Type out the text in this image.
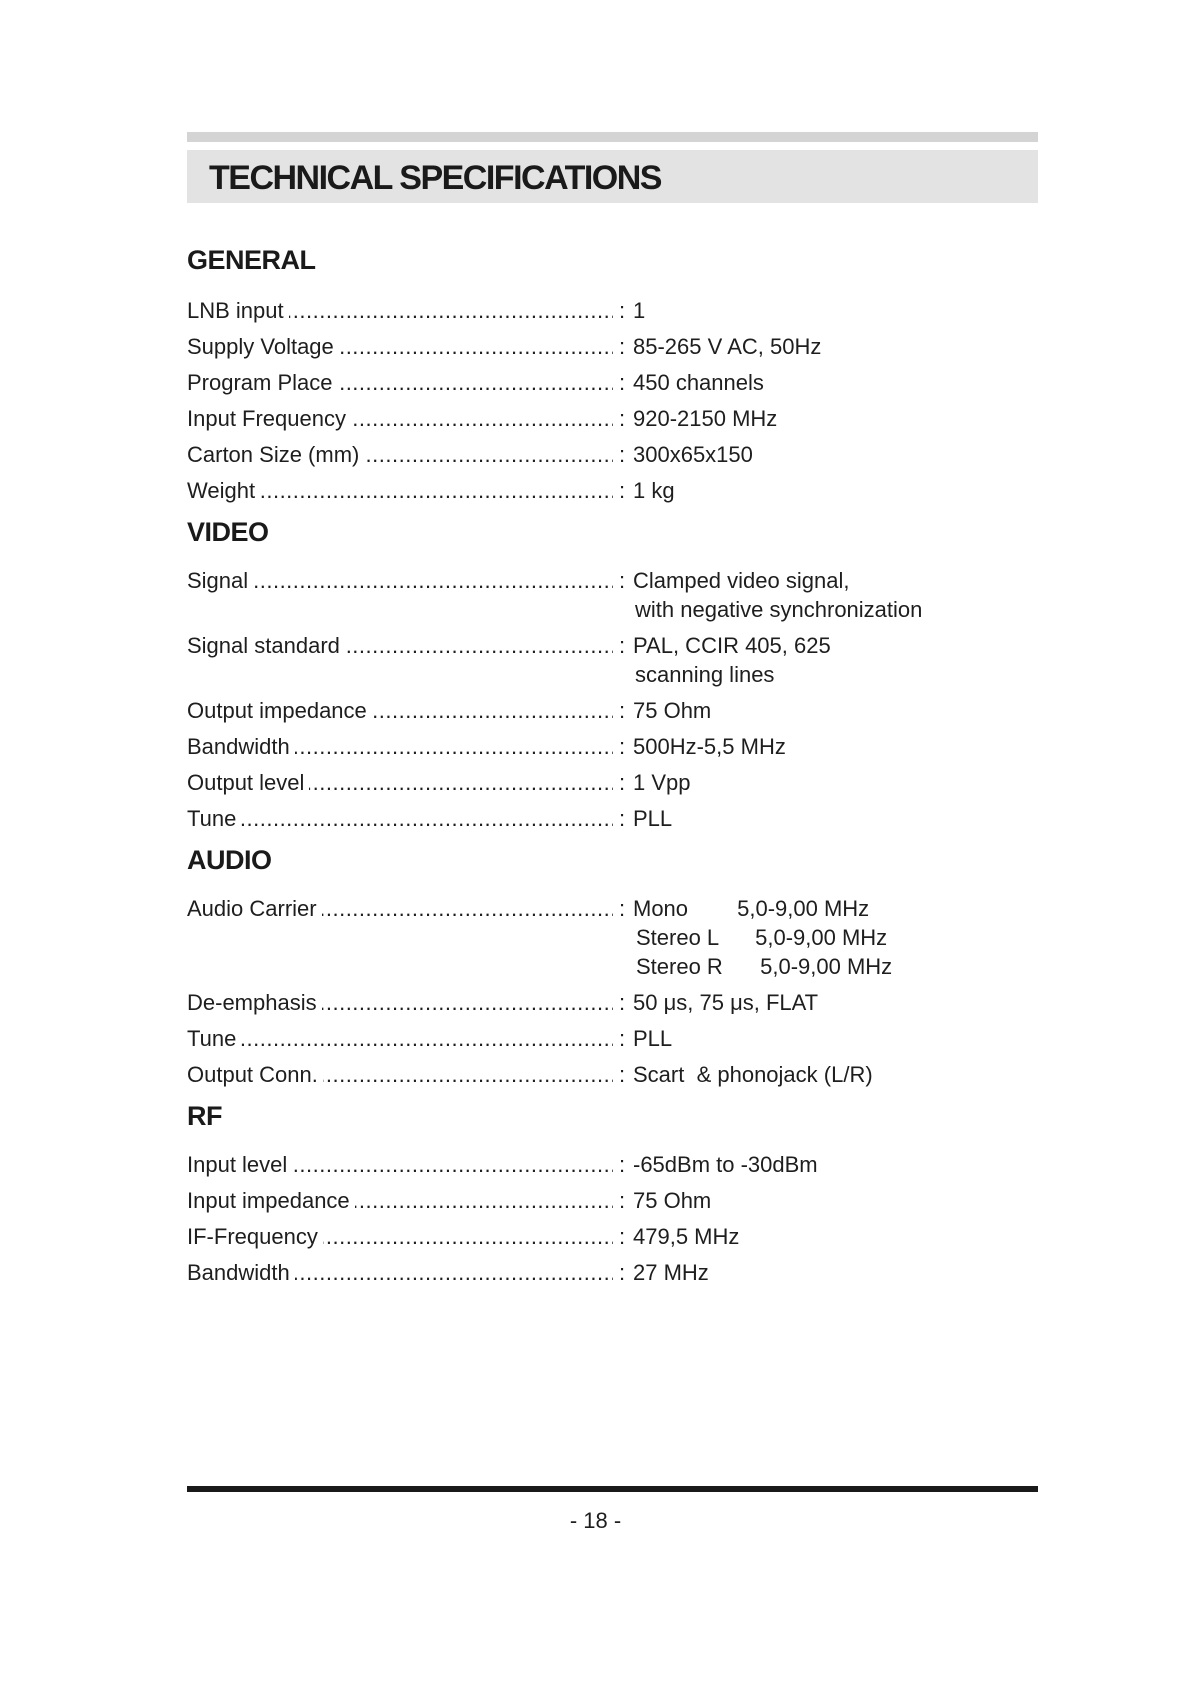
TECHNICAL SPECIFICATIONS
GENERAL
LNB input .....	: 1
Supply Voltage .....	: 85-265 V AC, 50Hz
Program Place .....	: 450 channels
Input Frequency .....	: 920-2150 MHz
Carton Size (mm) .....	: 300x65x150
Weight .....	: 1 kg
VIDEO
Signal .....	: Clamped video signal,
with negative synchronization
Signal standard .....	: PAL, CCIR 405, 625
scanning lines
Output impedance .....	: 75 Ohm
Bandwidth .....	: 500Hz-5,5 MHz
Output level .....	: 1 Vpp
Tune .....	: PLL
AUDIO
Audio Carrier .....	: Mono 5,0-9,00 MHz
Stereo L 5,0-9,00 MHz
Stereo R 5,0-9,00 MHz
De-emphasis .....	: 50 μs, 75 μs, FLAT
Tune .....	: PLL
Output Conn. .....	: Scart  & phonojack (L/R)
RF
Input level .....	: -65dBm to -30dBm
Input impedance .....	: 75 Ohm
IF-Frequency .....	: 479,5 MHz
Bandwidth .....	: 27 MHz
- 18 -
